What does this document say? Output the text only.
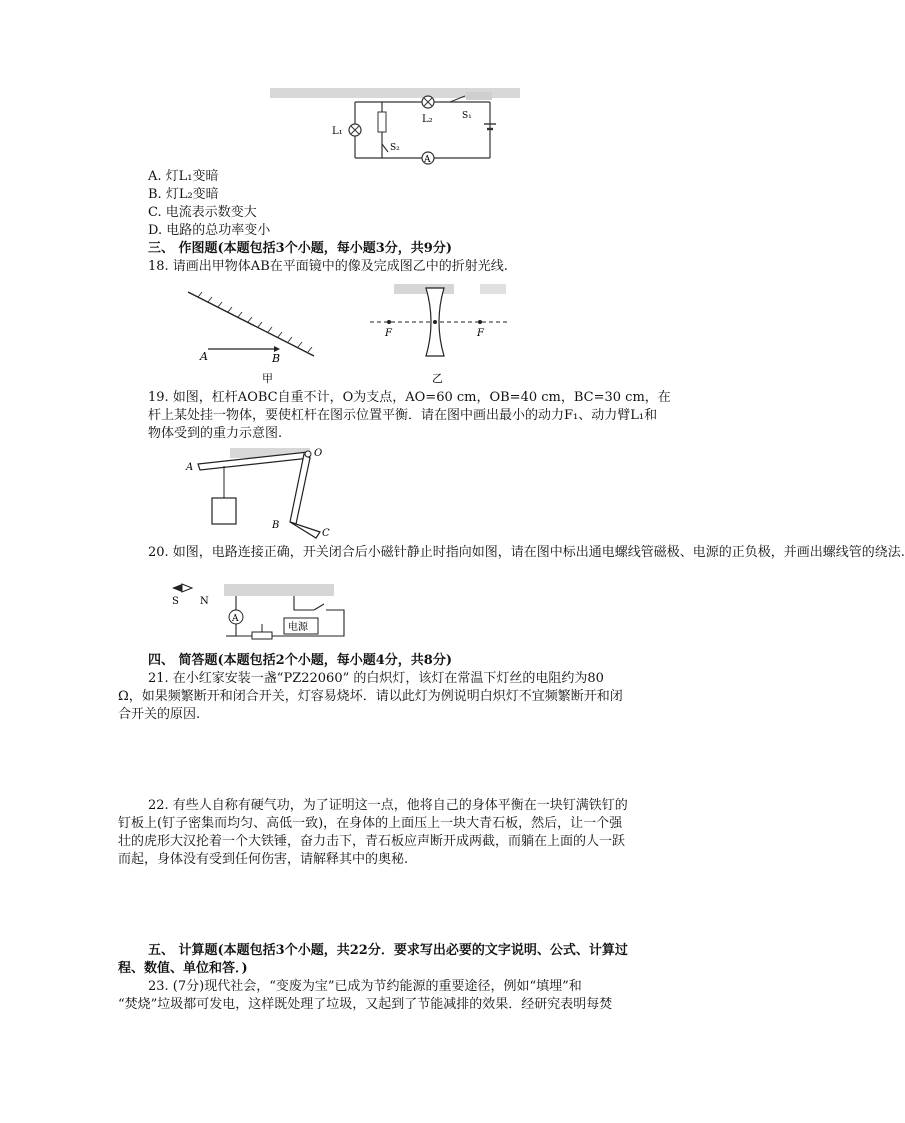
L₂	S₁
S₂
L₁
A
A. 灯L₁变暗
B. 灯L₂变暗
C. 电流表示数变大
D. 电路的总功率变小
三、 作图题(本题包括3个小题，每小题3分，共9分)
18. 请画出甲物体AB在平面镜中的像及完成图乙中的折射光线.
A	B
甲
F	F
乙
19. 如图，杠杆AOBC自重不计，O为支点，AO=60 cm，OB=40 cm，BC=30 cm，在
杆上某处挂一物体，要使杠杆在图示位置平衡．请在图中画出最小的动力F₁、动力臂L₁和
物体受到的重力示意图.
A
O
B
C
20. 如图，电路连接正确，开关闭合后小磁针静止时指向如图，请在图中标出通电螺线管磁极、电源的正负极，并画出螺线管的绕法.
S N
A
电源
四、 简答题(本题包括2个小题，每小题4分，共8分)
21. 在小红家安装一盏“PZ22060” 的白炽灯，该灯在常温下灯丝的电阻约为80
Ω，如果频繁断开和闭合开关，灯容易烧坏．请以此灯为例说明白炽灯不宜频繁断开和闭
合开关的原因.
22. 有些人自称有硬气功，为了证明这一点，他将自己的身体平衡在一块钉满铁钉的
钉板上(钉子密集而均匀、高低一致)，在身体的上面压上一块大青石板，然后，让一个强
壮的虎形大汉抡着一个大铁锤，奋力击下，青石板应声断开成两截，而躺在上面的人一跃
而起，身体没有受到任何伤害，请解释其中的奥秘.
五、 计算题(本题包括3个小题，共22分．要求写出必要的文字说明、公式、计算过
程、数值、单位和答．)
23. (7分)现代社会，“变废为宝”已成为节约能源的重要途径，例如“填埋”和
“焚烧”垃圾都可发电，这样既处理了垃圾，又起到了节能减排的效果．经研究表明每焚
